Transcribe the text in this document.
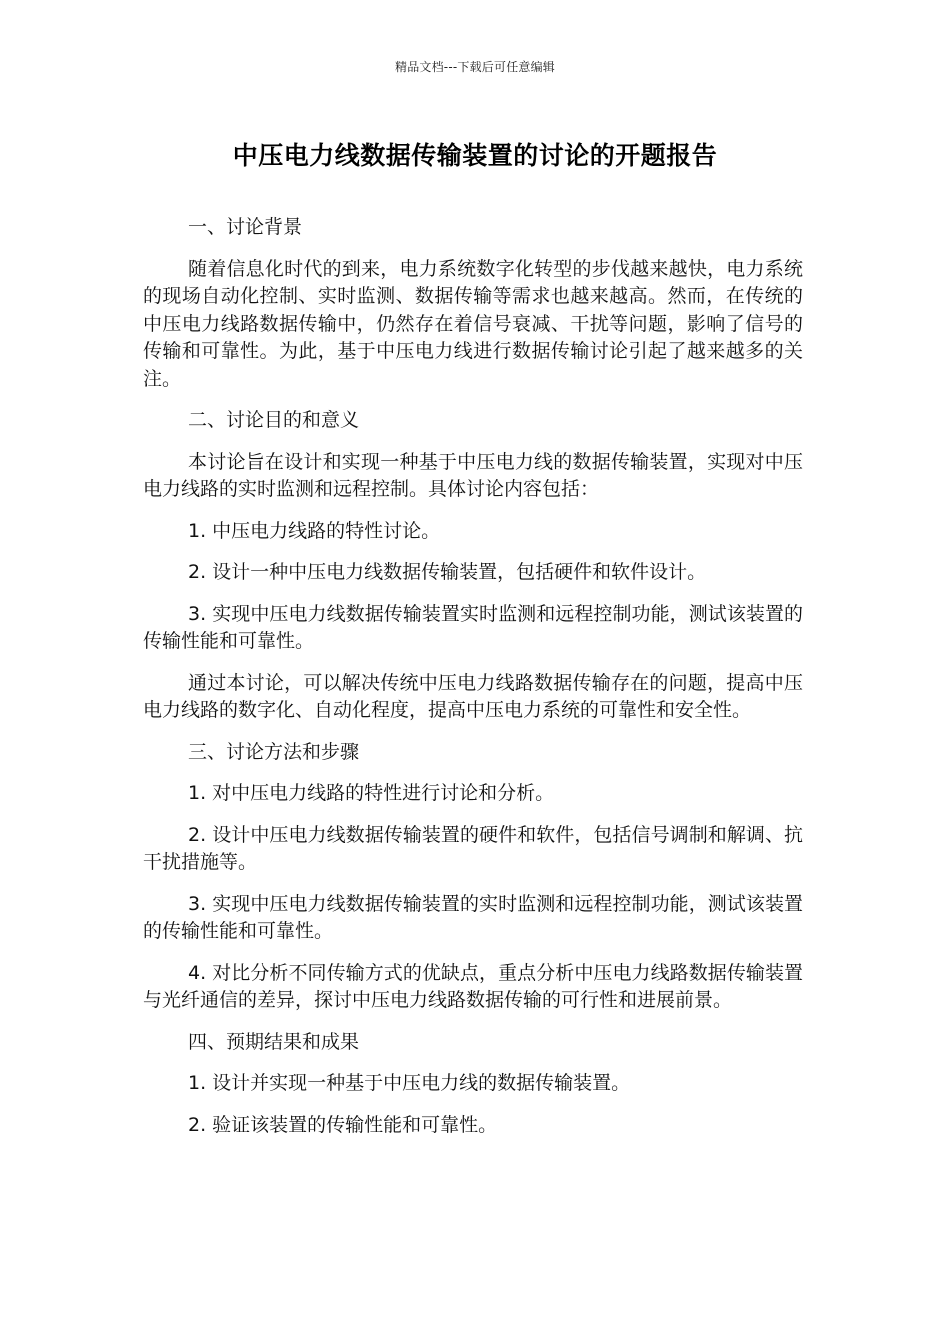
精品文档---下载后可任意编辑
中压电力线数据传输装置的讨论的开题报告

一、讨论背景

随着信息化时代的到来，电力系统数字化转型的步伐越来越快，电力系统的现场自动化控制、实时监测、数据传输等需求也越来越高。然而，在传统的中压电力线路数据传输中，仍然存在着信号衰减、干扰等问题，影响了信号的传输和可靠性。为此，基于中压电力线进行数据传输讨论引起了越来越多的关注。

二、讨论目的和意义

本讨论旨在设计和实现一种基于中压电力线的数据传输装置，实现对中压电力线路的实时监测和远程控制。具体讨论内容包括：

1. 中压电力线路的特性讨论。

2. 设计一种中压电力线数据传输装置，包括硬件和软件设计。

3. 实现中压电力线数据传输装置实时监测和远程控制功能，测试该装置的传输性能和可靠性。

通过本讨论，可以解决传统中压电力线路数据传输存在的问题，提高中压电力线路的数字化、自动化程度，提高中压电力系统的可靠性和安全性。

三、讨论方法和步骤

1. 对中压电力线路的特性进行讨论和分析。

2. 设计中压电力线数据传输装置的硬件和软件，包括信号调制和解调、抗干扰措施等。

3. 实现中压电力线数据传输装置的实时监测和远程控制功能，测试该装置的传输性能和可靠性。

4. 对比分析不同传输方式的优缺点，重点分析中压电力线路数据传输装置与光纤通信的差异，探讨中压电力线路数据传输的可行性和进展前景。

四、预期结果和成果

1. 设计并实现一种基于中压电力线的数据传输装置。

2. 验证该装置的传输性能和可靠性。
